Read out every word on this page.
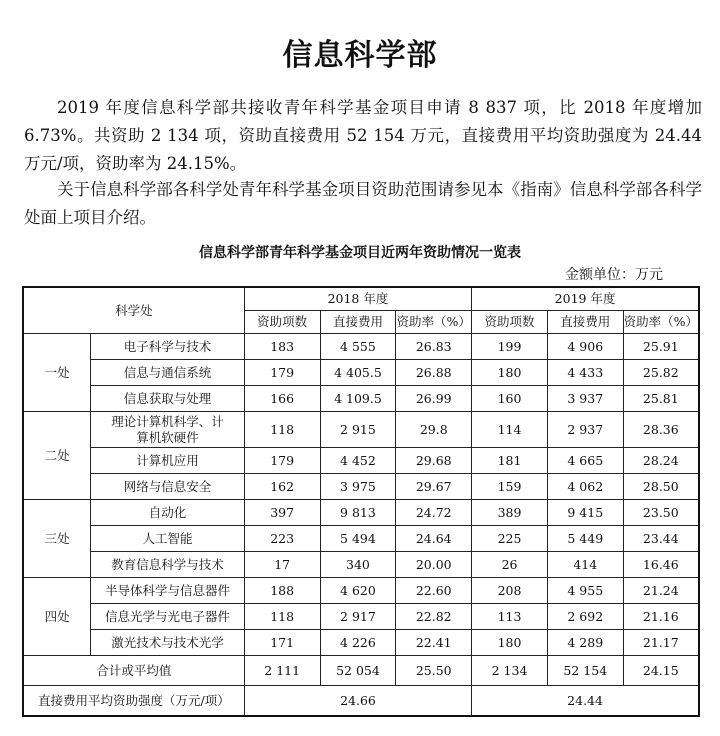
信息科学部

2019 年度信息科学部共接收青年科学基金项目申请 8 837 项，比 2018 年度增加 6.73%。共资助 2 134 项，资助直接费用 52 154 万元，直接费用平均资助强度为 24.44 万元/项，资助率为 24.15%。

关于信息科学部各科学处青年科学基金项目资助范围请参见本《指南》信息科学部各科学处面上项目介绍。

信息科学部青年科学基金项目近两年资助情况一览表
金额单位：万元
科学处		2018 年度			2019 年度		
		资助项数	直接费用	资助率（%）	资助项数	直接费用	资助率（%）
一处	电子科学与技术	183	4 555	26.83	199	4 906	25.91
	信息与通信系统	179	4 405.5	26.88	180	4 433	25.82
	信息获取与处理	166	4 109.5	26.99	160	3 937	25.81
二处	理论计算机科学、计算机软硬件	118	2 915	29.8	114	2 937	28.36
	计算机应用	179	4 452	29.68	181	4 665	28.24
	网络与信息安全	162	3 975	29.67	159	4 062	28.50
三处	自动化	397	9 813	24.72	389	9 415	23.50
	人工智能	223	5 494	24.64	225	5 449	23.44
	教育信息科学与技术	17	340	20.00	26	414	16.46
四处	半导体科学与信息器件	188	4 620	22.60	208	4 955	21.24
	信息光学与光电子器件	118	2 917	22.82	113	2 692	21.16
	激光技术与技术光学	171	4 226	22.41	180	4 289	21.17
合计或平均值		2 111	52 054	25.50	2 134	52 154	24.15
直接费用平均资助强度（万元/项）		24.66			24.44		
